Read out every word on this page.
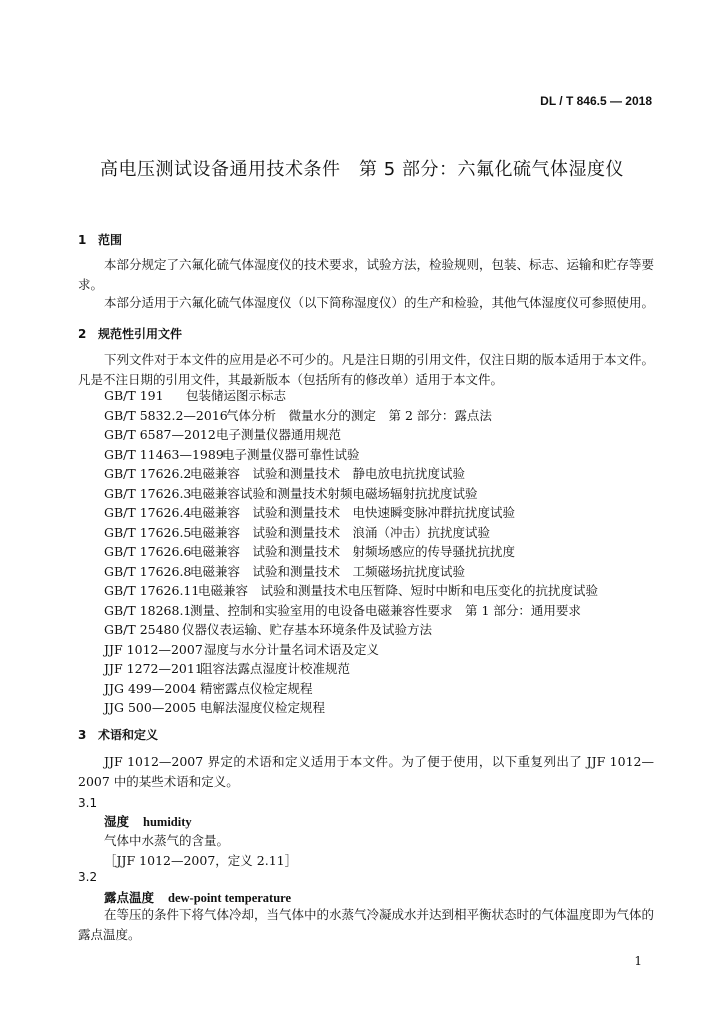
DL / T 846.5 — 2018
高电压测试设备通用技术条件　第 5 部分：六氟化硫气体湿度仪
1 范围
本部分规定了六氟化硫气体湿度仪的技术要求，试验方法，检验规则，包装、标志、运输和贮存等要求。
本部分适用于六氟化硫气体湿度仪（以下简称湿度仪）的生产和检验，其他气体湿度仪可参照使用。
2 规范性引用文件
下列文件对于本文件的应用是必不可少的。凡是注日期的引用文件，仅注日期的版本适用于本文件。凡是不注日期的引用文件，其最新版本（包括所有的修改单）适用于本文件。
GB/T 191 包装储运图示标志
GB/T 5832.2—2016气体分析　微量水分的测定　第 2 部分：露点法
GB/T 6587—2012电子测量仪器通用规范
GB/T 11463—1989电子测量仪器可靠性试验
GB/T 17626.2电磁兼容　试验和测量技术　静电放电抗扰度试验
GB/T 17626.3电磁兼容试验和测量技术射频电磁场辐射抗扰度试验
GB/T 17626.4电磁兼容　试验和测量技术　电快速瞬变脉冲群抗扰度试验
GB/T 17626.5电磁兼容　试验和测量技术　浪涌（冲击）抗扰度试验
GB/T 17626.6电磁兼容　试验和测量技术　射频场感应的传导骚扰抗扰度
GB/T 17626.8电磁兼容　试验和测量技术　工频磁场抗扰度试验
GB/T 17626.11电磁兼容　试验和测量技术电压暂降、短时中断和电压变化的抗扰度试验
GB/T 18268.1测量、控制和实验室用的电设备电磁兼容性要求　第 1 部分：通用要求
GB/T 25480 仪器仪表运输、贮存基本环境条件及试验方法
JJF 1012—2007湿度与水分计量名词术语及定义
JJF 1272—2011阻容法露点湿度计校准规范
JJG 499—2004 精密露点仪检定规程
JJG 500—2005 电解法湿度仪检定规程
3 术语和定义
JJF 1012—2007 界定的术语和定义适用于本文件。为了便于使用，以下重复列出了 JJF 1012—2007 中的某些术语和定义。
3.1
湿度 humidity
气体中水蒸气的含量。
［JJF 1012—2007，定义 2.11］
3.2
露点温度 dew-point temperature
在等压的条件下将气体冷却，当气体中的水蒸气冷凝成水并达到相平衡状态时的气体温度即为气体的露点温度。
1
